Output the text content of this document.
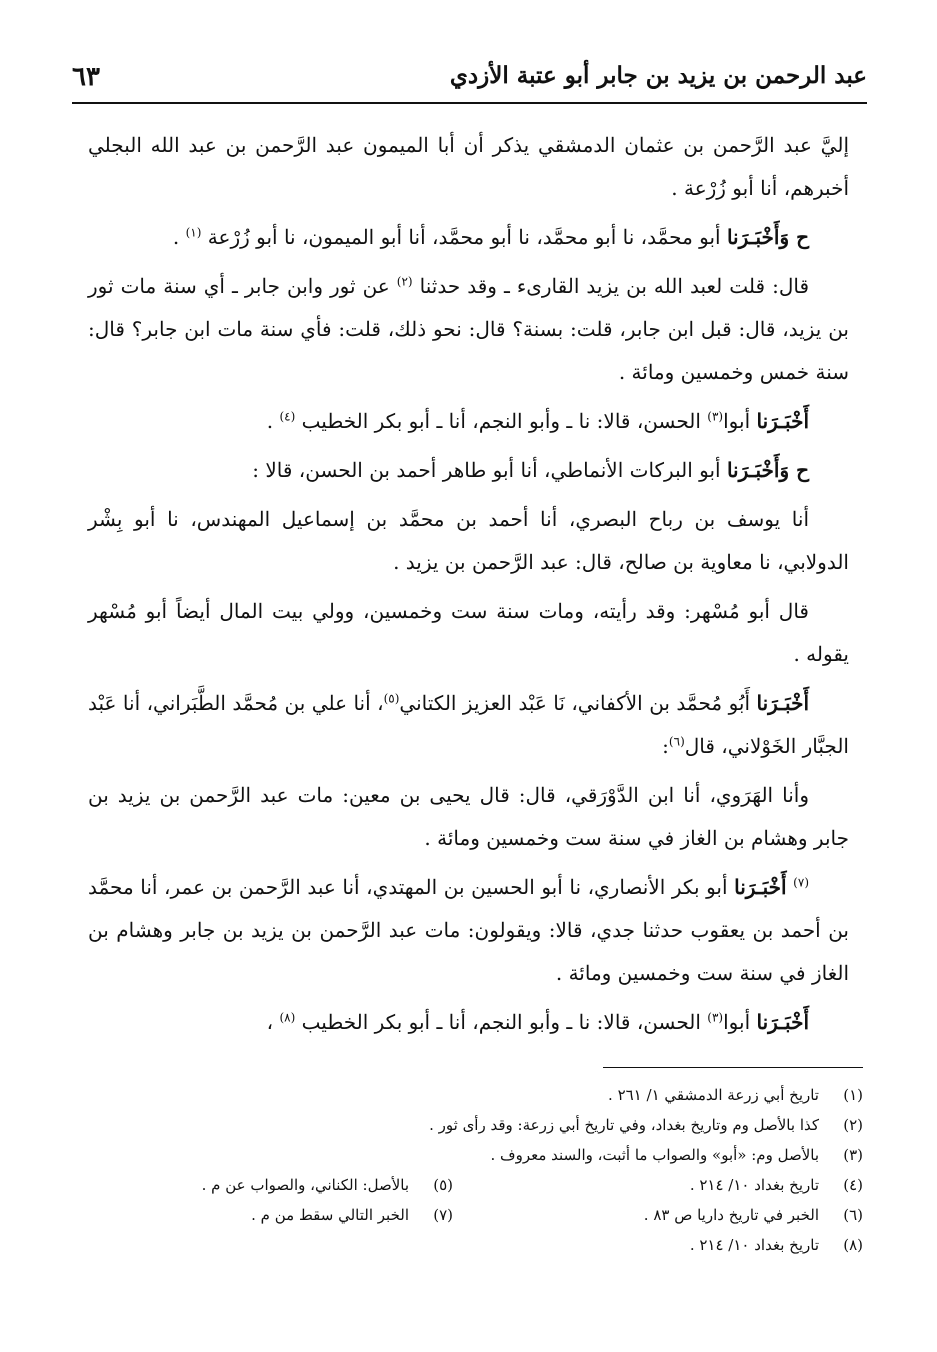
عبد الرحمن بن يزيد بن جابر أبو عتبة الأزدي
٦٣

إليَّ عبد الرَّحمن بن عثمان الدمشقي يذكر أن أبا الميمون عبد الرَّحمن بن عبد الله البجلي أخبرهم، أنا أبو زُرْعة .

ح وَأَخْبَـرَنا أبو محمَّد، نا أبو محمَّد، نا أبو محمَّد، أنا أبو الميمون، نا أبو زُرْعة $^{(١)}$ .

قال: قلت لعبد الله بن يزيد القارىء ـ وقد حدثنا $^{(٢)}$ عن ثور وابن جابر ـ أي سنة مات ثور بن يزيد، قال: قبل ابن جابر، قلت: بسنة؟ قال: نحو ذلك، قلت: فأي سنة مات ابن جابر؟ قال: سنة خمس وخمسين ومائة .

أَخْبَـرَنا أبوا$^{(٣)}$ الحسن، قالا: نا ـ وأبو النجم، أنا ـ أبو بكر الخطيب $^{(٤)}$ .

ح وَأَخْبَـرَنا أبو البركات الأنماطي، أنا أبو طاهر أحمد بن الحسن، قالا :

أنا يوسف بن رباح البصري، أنا أحمد بن محمَّد بن إسماعيل المهندس، نا أبو بِشْر الدولابي، نا معاوية بن صالح، قال: عبد الرَّحمن بن يزيد .

قال أبو مُسْهر: وقد رأيته، ومات سنة ست وخمسين، وولي بيت المال أيضاً أبو مُسْهر يقوله .

أَخْبَـرَنا أَبُو مُحمَّد بن الأكفاني، نَا عَبْد العزيز الكتاني$^{(٥)}$، أنا علي بن مُحمَّد الطَّبَراني، أنا عَبْد الجبَّار الخَوْلاني، قال$^{(٦)}$:

وأنا الهَرَوي، أنا ابن الدَّوْرَقي، قال: قال يحيى بن معين: مات عبد الرَّحمن بن يزيد بن جابر وهشام بن الغاز في سنة ست وخمسين ومائة .

$^{(٧)}$ أَخْبَـرَنا أبو بكر الأنصاري، نا أبو الحسين بن المهتدي، أنا عبد الرَّحمن بن عمر، أنا محمَّد بن أحمد بن يعقوب حدثنا جدي، قالا: ويقولون: مات عبد الرَّحمن بن يزيد بن جابر وهشام بن الغاز في سنة ست وخمسين ومائة .

أَخْبَـرَنا أبوا$^{(٣)}$ الحسن، قالا: نا ـ وأبو النجم، أنا ـ أبو بكر الخطيب $^{(٨)}$ ،

(١)تاريخ أبي زرعة الدمشقي ١/ ٢٦١ .
(٢)كذا بالأصل وم وتاريخ بغداد، وفي تاريخ أبي زرعة: وقد رأى ثور .
(٣)بالأصل وم: «أبو» والصواب ما أثبت، والسند معروف .
(٤)تاريخ بغداد ١٠/ ٢١٤ .
(٥)بالأصل: الكناني، والصواب عن م .
(٦)الخبر في تاريخ داريا ص ٨٣ .
(٧)الخبر التالي سقط من م .
(٨)تاريخ بغداد ١٠/ ٢١٤ .
